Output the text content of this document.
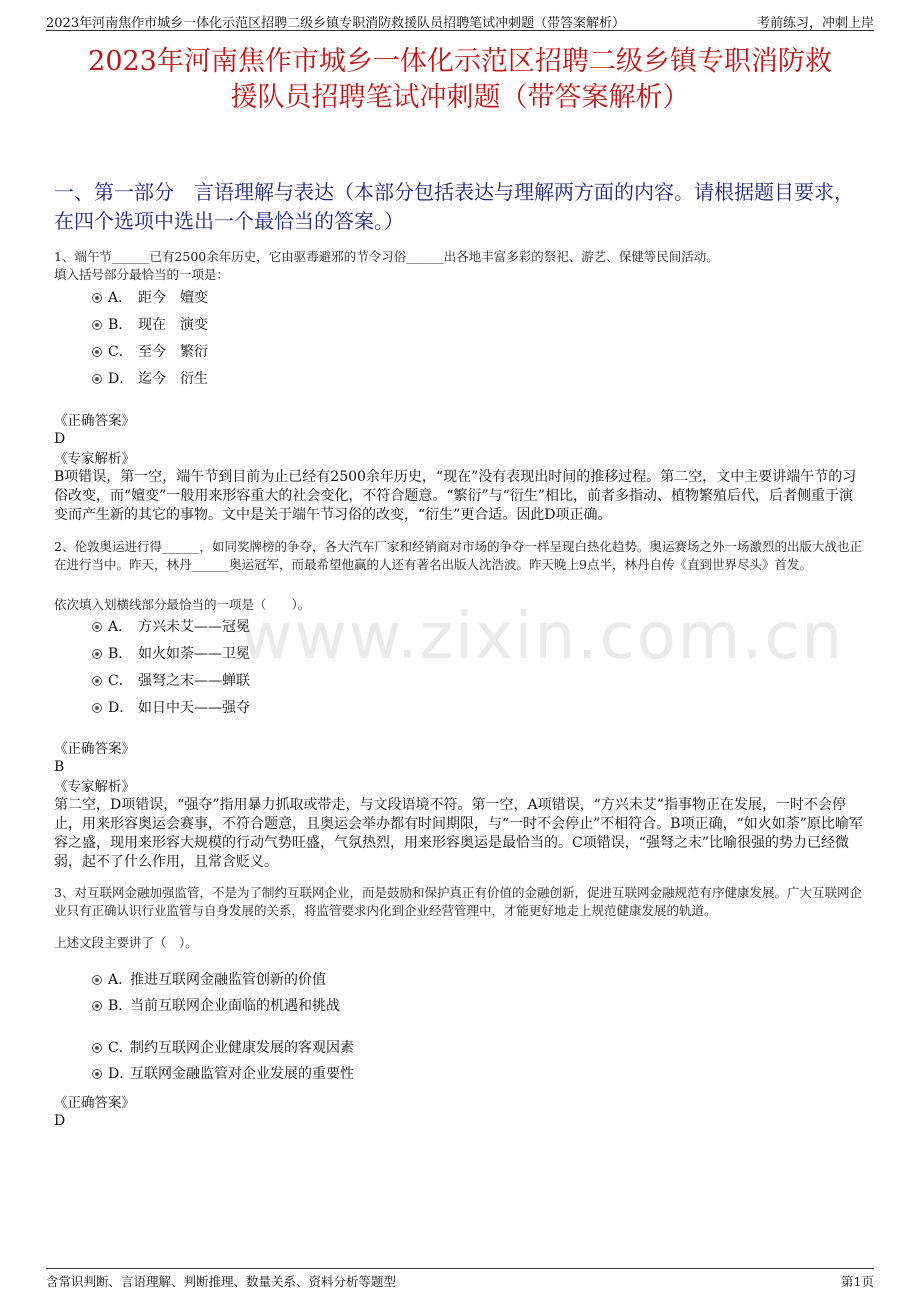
2023年河南焦作市城乡一体化示范区招聘二级乡镇专职消防救援队员招聘笔试冲刺题（带答案解析）	考前练习，冲刺上岸
2023年河南焦作市城乡一体化示范区招聘二级乡镇专职消防救
援队员招聘笔试冲刺题（带答案解析）
一、第一部分　言语理解与表达（本部分包括表达与理解两方面的内容。请根据题目要求，在四个选项中选出一个最恰当的答案。）
www.zixin.com.cn
1、端午节______已有2500余年历史，它由驱毒避邪的节令习俗______出各地丰富多彩的祭祀、游艺、保健等民间活动。
填入括号部分最恰当的一项是：
A． 距今 嬗变
B． 现在 演变
C． 至今 繁衍
D． 迄今 衍生
《正确答案》
D
《专家解析》
B项错误，第一空，端午节到目前为止已经有2500余年历史，“现在”没有表现出时间的推移过程。第二空，文中主要讲端午节的习俗改变，而“嬗变”一般用来形容重大的社会变化，不符合题意。“繁衍”与“衍生”相比，前者多指动、植物繁殖后代，后者侧重于演变而产生新的其它的事物。文中是关于端午节习俗的改变，“衍生”更合适。因此D项正确。
2、伦敦奥运进行得______，如同奖牌榜的争夺，各大汽车厂家和经销商对市场的争夺一样呈现白热化趋势。奥运赛场之外一场激烈的出版大战也正在进行当中。昨天，林丹______奥运冠军，而最希望他赢的人还有著名出版人沈浩波。昨天晚上9点半，林丹自传《直到世界尽头》首发。
依次填入划横线部分最恰当的一项是（　　）。
A． 方兴未艾——冠冕
B． 如火如荼——卫冕
C． 强弩之末——蝉联
D． 如日中天——强夺
《正确答案》
B
《专家解析》
第二空，D项错误，“强夺”指用暴力抓取或带走，与文段语境不符。第一空，A项错误，“方兴未艾”指事物正在发展，一时不会停止，用来形容奥运会赛事，不符合题意，且奥运会举办都有时间期限，与“一时不会停止”不相符合。B项正确，“如火如荼”原比喻军容之盛，现用来形容大规模的行动气势旺盛，气氛热烈，用来形容奥运是最恰当的。C项错误，“强弩之末”比喻很强的势力已经微弱，起不了什么作用，且常含贬义。
3、对互联网金融加强监管，不是为了制约互联网企业，而是鼓励和保护真正有价值的金融创新，促进互联网金融规范有序健康发展。广大互联网企业只有正确认识行业监管与自身发展的关系，将监管要求内化到企业经营管理中，才能更好地走上规范健康发展的轨道。
上述文段主要讲了（　）。
A．推进互联网金融监管创新的价值
B．当前互联网企业面临的机遇和挑战
C．制约互联网企业健康发展的客观因素
D．互联网金融监管对企业发展的重要性
《正确答案》
D
含常识判断、言语理解、判断推理、数量关系、资料分析等题型	第1页
